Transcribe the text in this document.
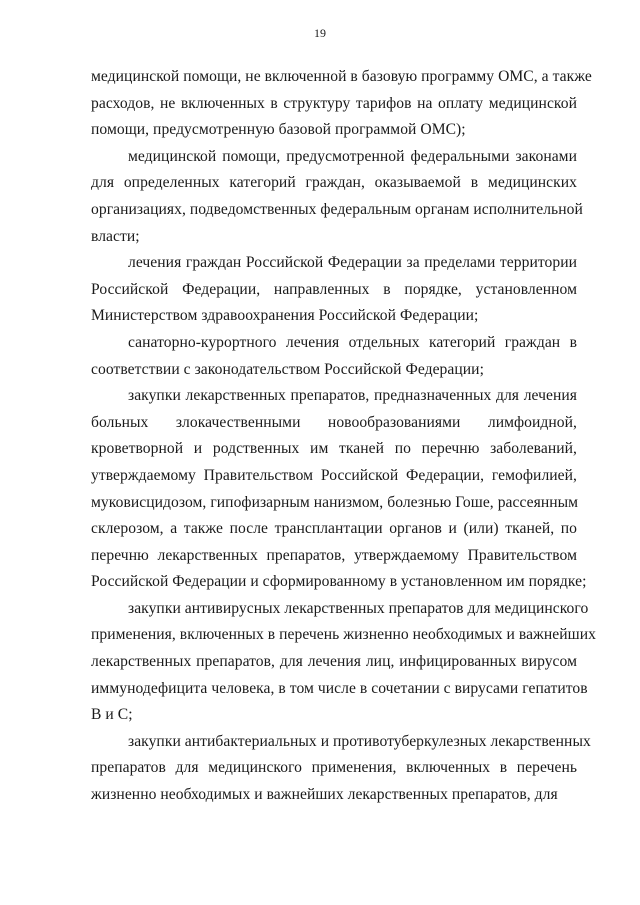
19
медицинской помощи, не включенной в базовую программу ОМС, а также
расходов, не включенных в структуру тарифов на оплату медицинской
помощи, предусмотренную базовой программой ОМС);
медицинской помощи, предусмотренной федеральными законами
для определенных категорий граждан, оказываемой в медицинских
организациях, подведомственных федеральным органам исполнительной
власти;
лечения граждан Российской Федерации за пределами территории
Российской Федерации, направленных в порядке, установленном
Министерством здравоохранения Российской Федерации;
санаторно-курортного лечения отдельных категорий граждан в
соответствии с законодательством Российской Федерации;
закупки лекарственных препаратов, предназначенных для лечения
больных злокачественными новообразованиями лимфоидной,
кроветворной и родственных им тканей по перечню заболеваний,
утверждаемому Правительством Российской Федерации, гемофилией,
муковисцидозом, гипофизарным нанизмом, болезнью Гоше, рассеянным
склерозом, а также после трансплантации органов и (или) тканей, по
перечню лекарственных препаратов, утверждаемому Правительством
Российской Федерации и сформированному в установленном им порядке;
закупки антивирусных лекарственных препаратов для медицинского
применения, включенных в перечень жизненно необходимых и важнейших
лекарственных препаратов, для лечения лиц, инфицированных вирусом
иммунодефицита человека, в том числе в сочетании с вирусами гепатитов
В и С;
закупки антибактериальных и противотуберкулезных лекарственных
препаратов для медицинского применения, включенных в перечень
жизненно необходимых и важнейших лекарственных препаратов, для
